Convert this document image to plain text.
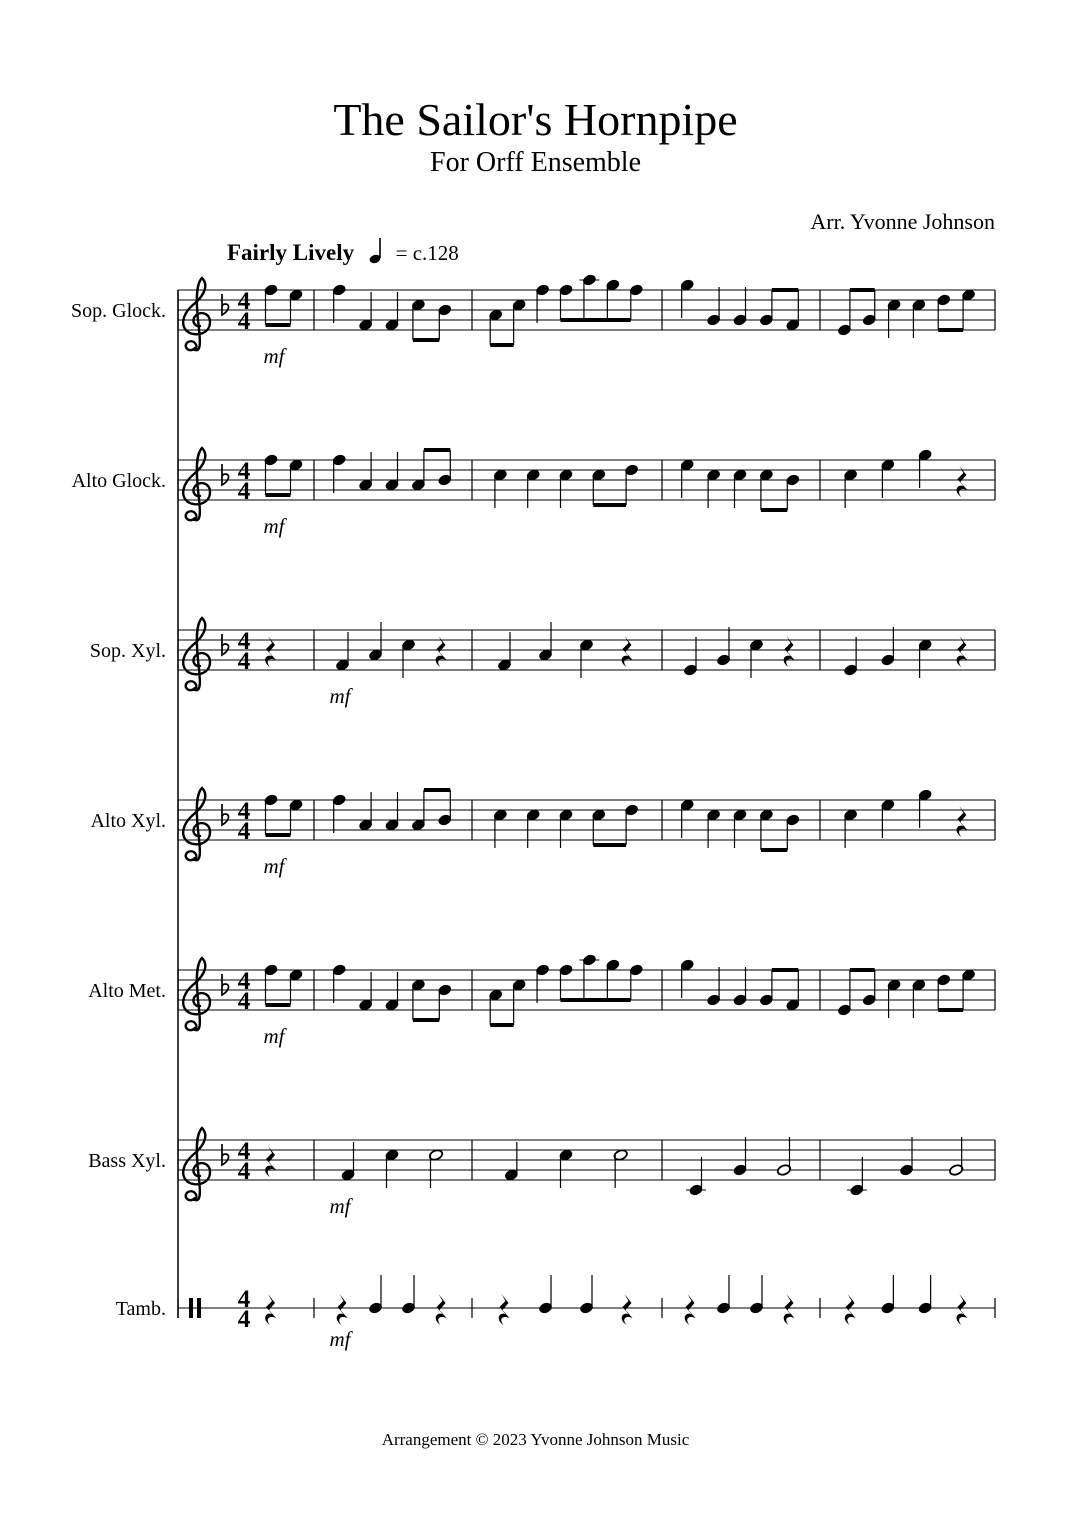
The Sailor's Hornpipe
For Orff Ensemble
Arr. Yvonne Johnson
Fairly Lively = c.128
Sop. Glock.	4
4
mf
Alto Glock.	4
4
mf
Sop. Xyl.	4
4
mf
Alto Xyl.	4
4
mf
Alto Met.	4
4
mf
Bass Xyl.	4
4
mf
Tamb.	4
4
mf
Arrangement © 2023 Yvonne Johnson Music
